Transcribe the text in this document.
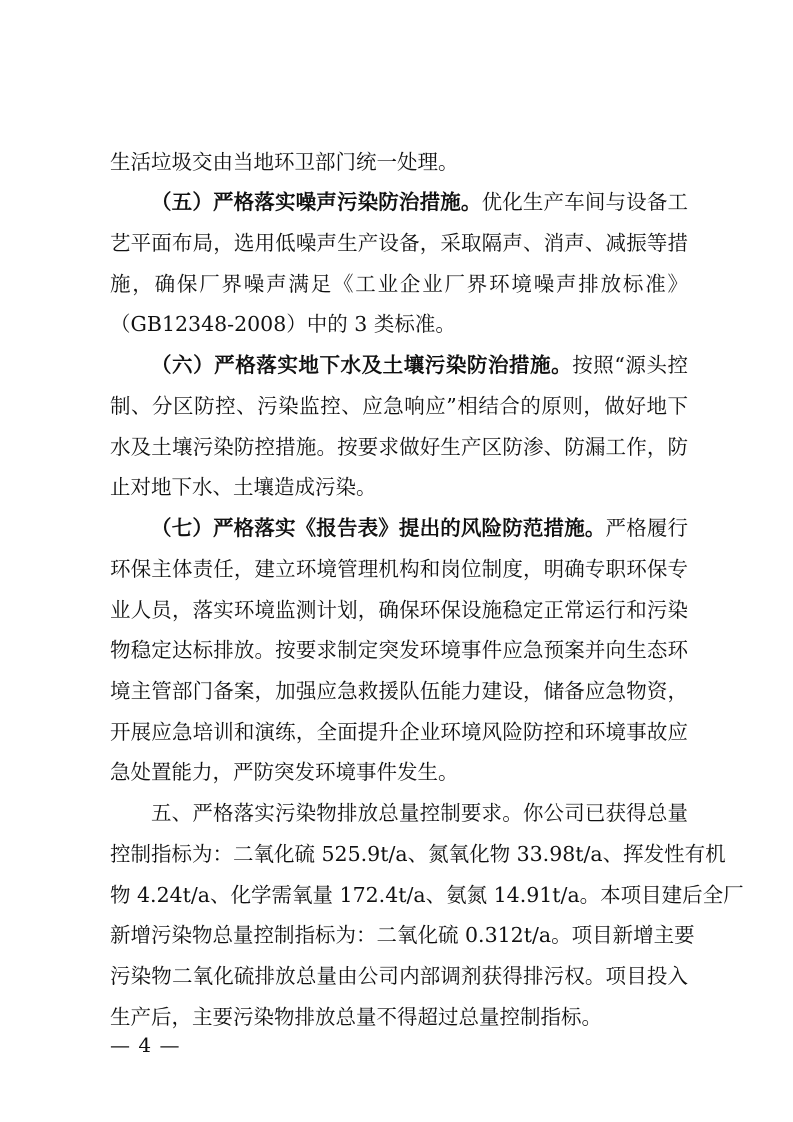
生活垃圾交由当地环卫部门统一处理。
（五）严格落实噪声污染防治措施。优化生产车间与设备工
艺平面布局，选用低噪声生产设备，采取隔声、消声、减振等措
施，确保厂界噪声满足《工业企业厂界环境噪声排放标准》
（GB12348-2008）中的 3 类标准。
（六）严格落实地下水及土壤污染防治措施。按照“源头控
制、分区防控、污染监控、应急响应”相结合的原则，做好地下
水及土壤污染防控措施。按要求做好生产区防渗、防漏工作，防
止对地下水、土壤造成污染。
（七）严格落实《报告表》提出的风险防范措施。严格履行
环保主体责任，建立环境管理机构和岗位制度，明确专职环保专
业人员，落实环境监测计划，确保环保设施稳定正常运行和污染
物稳定达标排放。按要求制定突发环境事件应急预案并向生态环
境主管部门备案，加强应急救援队伍能力建设，储备应急物资，
开展应急培训和演练，全面提升企业环境风险防控和环境事故应
急处置能力，严防突发环境事件发生。
五、严格落实污染物排放总量控制要求。你公司已获得总量
控制指标为：二氧化硫 525.9t/a、氮氧化物 33.98t/a、挥发性有机
物 4.24t/a、化学需氧量 172.4t/a、氨氮 14.91t/a。本项目建后全厂
新增污染物总量控制指标为：二氧化硫 0.312t/a。项目新增主要
污染物二氧化硫排放总量由公司内部调剂获得排污权。项目投入
生产后，主要污染物排放总量不得超过总量控制指标。
— 4 —
